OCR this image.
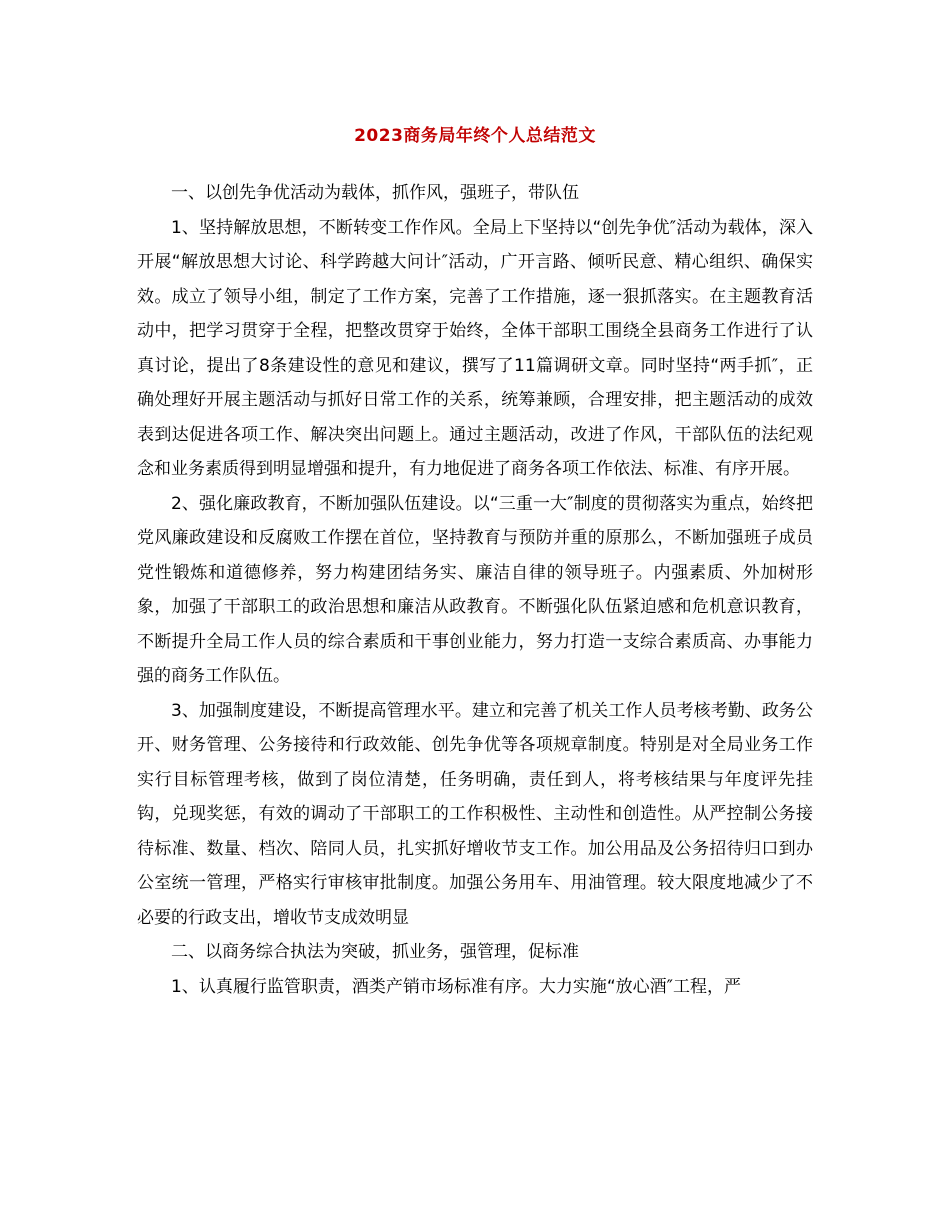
2023商务局年终个人总结范文

一、以创先争优活动为载体，抓作风，强班子，带队伍

1、坚持解放思想，不断转变工作作风。全局上下坚持以“创先争优″活动为载体，深入开展“解放思想大讨论、科学跨越大问计″活动，广开言路、倾听民意、精心组织、确保实效。成立了领导小组，制定了工作方案，完善了工作措施，逐一狠抓落实。在主题教育活动中，把学习贯穿于全程，把整改贯穿于始终，全体干部职工围绕全县商务工作进行了认真讨论，提出了8条建设性的意见和建议，撰写了11篇调研文章。同时坚持“两手抓″，正确处理好开展主题活动与抓好日常工作的关系，统筹兼顾，合理安排，把主题活动的成效表到达促进各项工作、解决突出问题上。通过主题活动，改进了作风，干部队伍的法纪观念和业务素质得到明显增强和提升，有力地促进了商务各项工作依法、标准、有序开展。

2、强化廉政教育，不断加强队伍建设。以“三重一大″制度的贯彻落实为重点，始终把党风廉政建设和反腐败工作摆在首位，坚持教育与预防并重的原那么，不断加强班子成员党性锻炼和道德修养，努力构建团结务实、廉洁自律的领导班子。内强素质、外加树形象，加强了干部职工的政治思想和廉洁从政教育。不断强化队伍紧迫感和危机意识教育，不断提升全局工作人员的综合素质和干事创业能力，努力打造一支综合素质高、办事能力强的商务工作队伍。

3、加强制度建设，不断提高管理水平。建立和完善了机关工作人员考核考勤、政务公开、财务管理、公务接待和行政效能、创先争优等各项规章制度。特别是对全局业务工作实行目标管理考核，做到了岗位清楚，任务明确，责任到人，将考核结果与年度评先挂钩，兑现奖惩，有效的调动了干部职工的工作积极性、主动性和创造性。从严控制公务接待标准、数量、档次、陪同人员，扎实抓好增收节支工作。加公用品及公务招待归口到办公室统一管理，严格实行审核审批制度。加强公务用车、用油管理。较大限度地减少了不必要的行政支出，增收节支成效明显

二、以商务综合执法为突破，抓业务，强管理，促标准

1、认真履行监管职责，酒类产销市场标准有序。大力实施“放心酒″工程，严
